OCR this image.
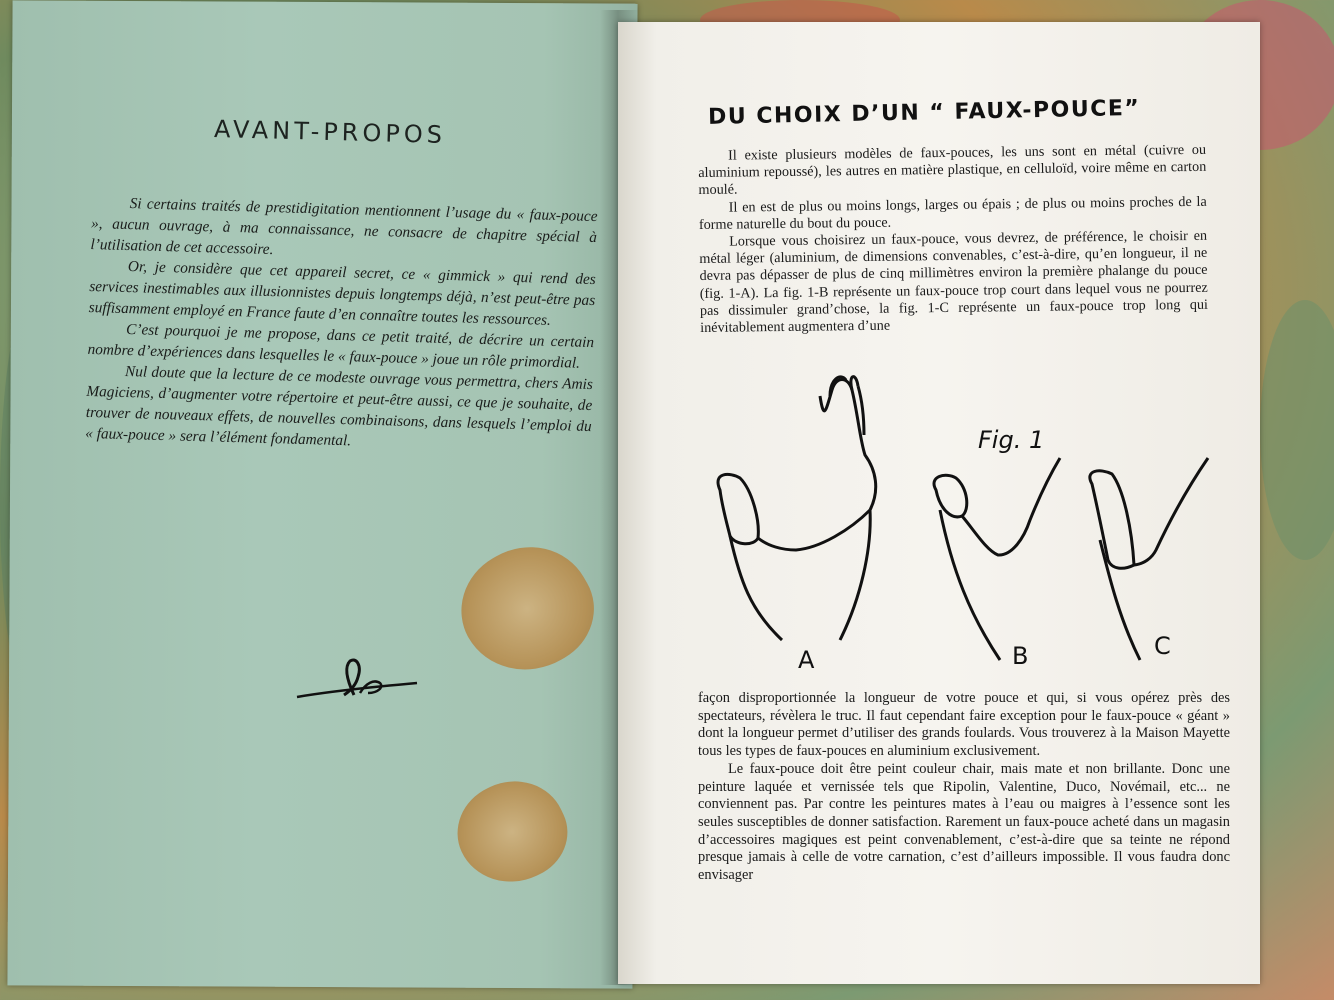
AVANT-PROPOS

Si certains traités de prestidigitation mentionnent l’usage du « faux-pouce », aucun ouvrage, à ma connaissance, ne consacre de chapitre spécial à l’utilisation de cet accessoire.

Or, je considère que cet appareil secret, ce « gimmick » qui rend des services inestimables aux illusionnistes depuis longtemps déjà, n’est peut-être pas suffisamment employé en France faute d’en connaître toutes les ressources.

C’est pourquoi je me propose, dans ce petit traité, de décrire un certain nombre d’expériences dans lesquelles le « faux-pouce » joue un rôle primordial.

Nul doute que la lecture de ce modeste ouvrage vous permettra, chers Amis Magiciens, d’augmenter votre répertoire et peut-être aussi, ce que je souhaite, de trouver de nouveaux effets, de nouvelles combinaisons, dans lesquels l’emploi du « faux-pouce » sera l’élément fondamental.

DU CHOIX D’UN “ FAUX-POUCE”

Il existe plusieurs modèles de faux-pouces, les uns sont en métal (cuivre ou aluminium repoussé), les autres en matière plastique, en celluloïd, voire même en carton moulé.

Il en est de plus ou moins longs, larges ou épais ; de plus ou moins proches de la forme naturelle du bout du pouce.

Lorsque vous choisirez un faux-pouce, vous devrez, de préférence, le choisir en métal léger (aluminium, de dimensions convenables, c’est-à-dire, qu’en longueur, il ne devra pas dépasser de plus de cinq millimètres environ la première phalange du pouce (fig. 1-A). La fig. 1-B représente un faux-pouce trop court dans lequel vous ne pourrez pas dissimuler grand’chose, la fig. 1-C représente un faux-pouce trop long qui inévitablement augmentera d’une

Fig. 1
A	B	C

façon disproportionnée la longueur de votre pouce et qui, si vous opérez près des spectateurs, révèlera le truc. Il faut cependant faire exception pour le faux-pouce « géant » dont la longueur permet d’utiliser des grands foulards. Vous trouverez à la Maison Mayette tous les types de faux-pouces en aluminium exclusivement.

Le faux-pouce doit être peint couleur chair, mais mate et non brillante. Donc une peinture laquée et vernissée tels que Ripolin, Valentine, Duco, Novémail, etc... ne conviennent pas. Par contre les peintures mates à l’eau ou maigres à l’essence sont les seules susceptibles de donner satisfaction. Rarement un faux-pouce acheté dans un magasin d’accessoires magiques est peint convenablement, c’est-à-dire que sa teinte ne répond presque jamais à celle de votre carnation, c’est d’ailleurs impossible. Il vous faudra donc envisager
